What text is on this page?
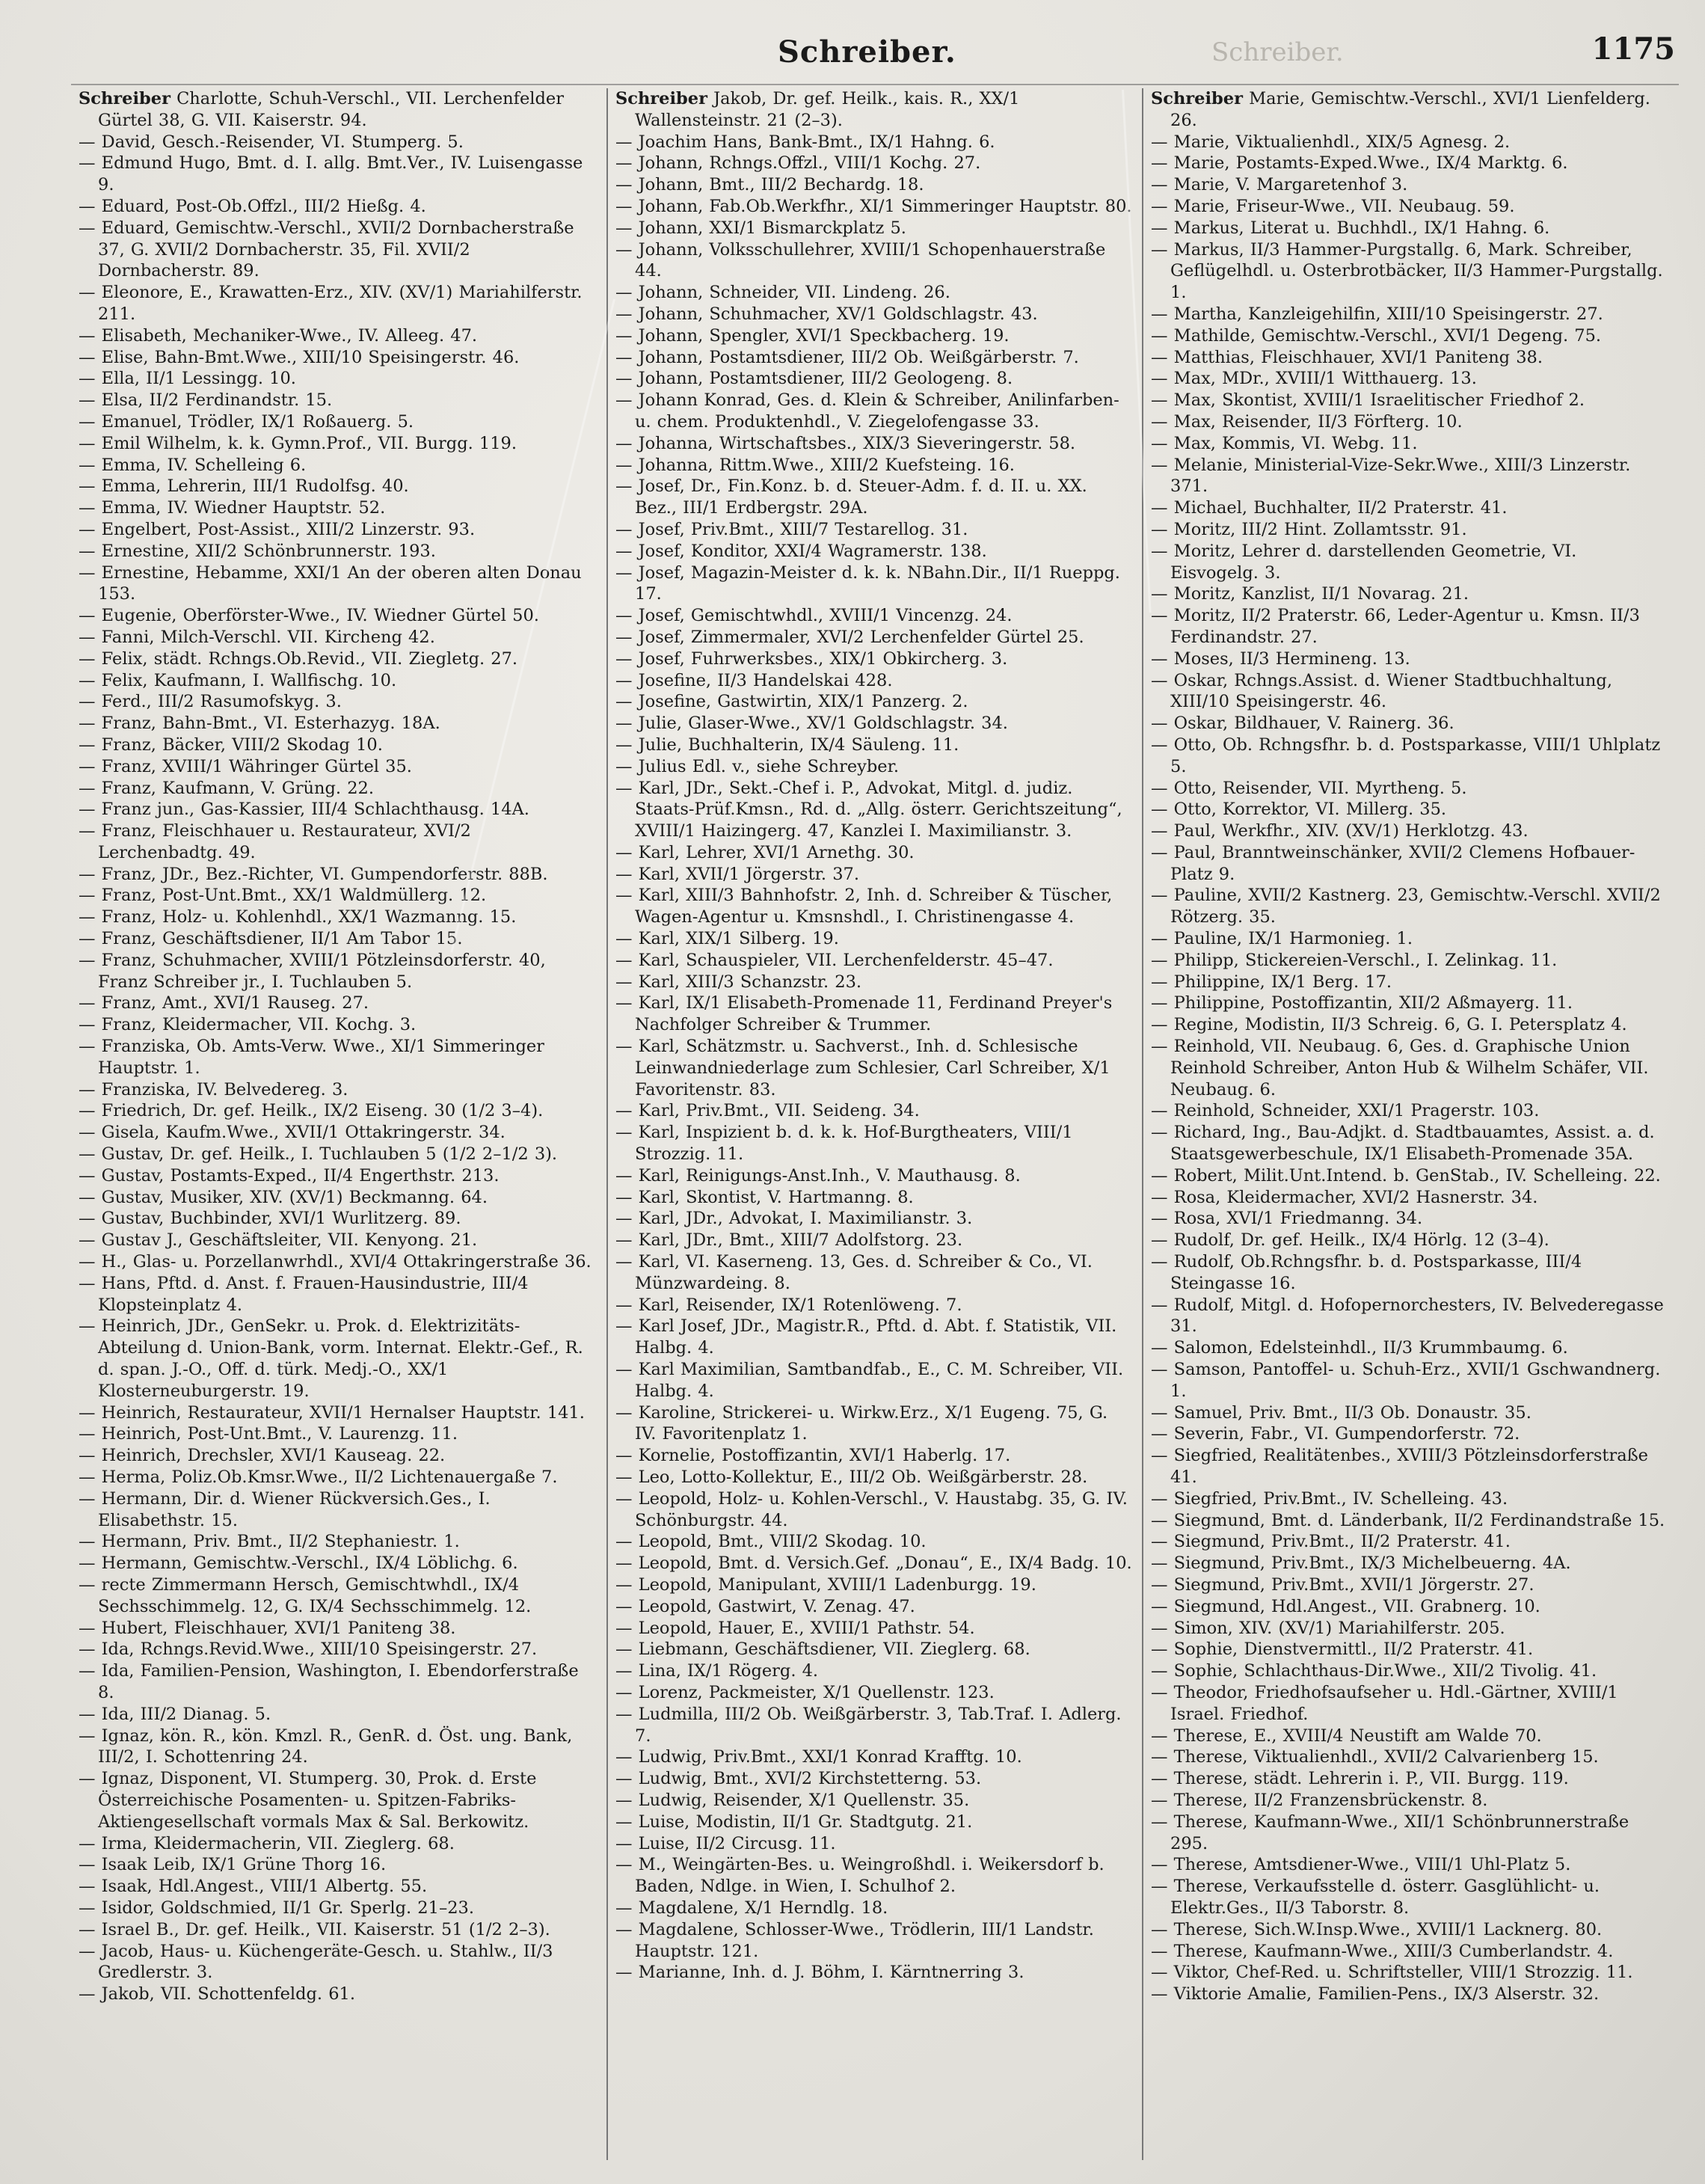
Schreiber.
Schreiber.	1175

Schreiber Charlotte, Schuh-Verschl., VII. Lerchenfelder Gürtel 38, G. VII. Kaiserstr. 94.

— David, Gesch.-Reisender, VI. Stumperg. 5.

— Edmund Hugo, Bmt. d. I. allg. Bmt.Ver., IV. Luisengasse 9.

— Eduard, Post-Ob.Offzl., III/2 Hießg. 4.

— Eduard, Gemischtw.-Verschl., XVII/2 Dornbacherstraße 37, G. XVII/2 Dornbacherstr. 35, Fil. XVII/2 Dornbacherstr. 89.

— Eleonore, E., Krawatten-Erz., XIV. (XV/1) Mariahilferstr. 211.

— Elisabeth, Mechaniker-Wwe., IV. Alleeg. 47.

— Elise, Bahn-Bmt.Wwe., XIII/10 Speisingerstr. 46.

— Ella, II/1 Lessingg. 10.

— Elsa, II/2 Ferdinandstr. 15.

— Emanuel, Trödler, IX/1 Roßauerg. 5.

— Emil Wilhelm, k. k. Gymn.Prof., VII. Burgg. 119.

— Emma, IV. Schelleing 6.

— Emma, Lehrerin, III/1 Rudolfsg. 40.

— Emma, IV. Wiedner Hauptstr. 52.

— Engelbert, Post-Assist., XIII/2 Linzerstr. 93.

— Ernestine, XII/2 Schönbrunnerstr. 193.

— Ernestine, Hebamme, XXI/1 An der oberen alten Donau 153.

— Eugenie, Oberförster-Wwe., IV. Wiedner Gürtel 50.

— Fanni, Milch-Verschl. VII. Kircheng 42.

— Felix, städt. Rchngs.Ob.Revid., VII. Ziegletg. 27.

— Felix, Kaufmann, I. Wallfischg. 10.

— Ferd., III/2 Rasumofskyg. 3.

— Franz, Bahn-Bmt., VI. Esterhazyg. 18A.

— Franz, Bäcker, VIII/2 Skodag 10.

— Franz, XVIII/1 Währinger Gürtel 35.

— Franz, Kaufmann, V. Grüng. 22.

— Franz jun., Gas-Kassier, III/4 Schlachthausg. 14A.

— Franz, Fleischhauer u. Restaurateur, XVI/2 Lerchenbadtg. 49.

— Franz, JDr., Bez.-Richter, VI. Gumpendorferstr. 88B.

— Franz, Post-Unt.Bmt., XX/1 Waldmüllerg. 12.

— Franz, Holz- u. Kohlenhdl., XX/1 Wazmanng. 15.

— Franz, Geschäftsdiener, II/1 Am Tabor 15.

— Franz, Schuhmacher, XVIII/1 Pötzleinsdorferstr. 40, Franz Schreiber jr., I. Tuchlauben 5.

— Franz, Amt., XVI/1 Rauseg. 27.

— Franz, Kleidermacher, VII. Kochg. 3.

— Franziska, Ob. Amts-Verw. Wwe., XI/1 Simmeringer Hauptstr. 1.

— Franziska, IV. Belvedereg. 3.

— Friedrich, Dr. gef. Heilk., IX/2 Eiseng. 30 (1/2 3–4).

— Gisela, Kaufm.Wwe., XVII/1 Ottakringerstr. 34.

— Gustav, Dr. gef. Heilk., I. Tuchlauben 5 (1/2 2–1/2 3).

— Gustav, Postamts-Exped., II/4 Engerthstr. 213.

— Gustav, Musiker, XIV. (XV/1) Beckmanng. 64.

— Gustav, Buchbinder, XVI/1 Wurlitzerg. 89.

— Gustav J., Geschäftsleiter, VII. Kenyong. 21.

— H., Glas- u. Porzellanwrhdl., XVI/4 Ottakringerstraße 36.

— Hans, Pftd. d. Anst. f. Frauen-Hausindustrie, III/4 Klopsteinplatz 4.

— Heinrich, JDr., GenSekr. u. Prok. d. Elektrizitäts-Abteilung d. Union-Bank, vorm. Internat. Elektr.-Gef., R. d. span. J.-O., Off. d. türk. Medj.-O., XX/1 Klosterneuburgerstr. 19.

— Heinrich, Restaurateur, XVII/1 Hernalser Hauptstr. 141.

— Heinrich, Post-Unt.Bmt., V. Laurenzg. 11.

— Heinrich, Drechsler, XVI/1 Kauseag. 22.

— Herma, Poliz.Ob.Kmsr.Wwe., II/2 Lichtenauergaße 7.

— Hermann, Dir. d. Wiener Rückversich.Ges., I. Elisabethstr. 15.

— Hermann, Priv. Bmt., II/2 Stephaniestr. 1.

— Hermann, Gemischtw.-Verschl., IX/4 Löblichg. 6.

— recte Zimmermann Hersch, Gemischtwhdl., IX/4 Sechsschimmelg. 12, G. IX/4 Sechsschimmelg. 12.

— Hubert, Fleischhauer, XVI/1 Paniteng 38.

— Ida, Rchngs.Revid.Wwe., XIII/10 Speisingerstr. 27.

— Ida, Familien-Pension, Washington, I. Ebendorferstraße 8.

— Ida, III/2 Dianag. 5.

— Ignaz, kön. R., kön. Kmzl. R., GenR. d. Öst. ung. Bank, III/2, I. Schottenring 24.

— Ignaz, Disponent, VI. Stumperg. 30, Prok. d. Erste Österreichische Posamenten- u. Spitzen-Fabriks-Aktiengesellschaft vormals Max & Sal. Berkowitz.

— Irma, Kleidermacherin, VII. Zieglerg. 68.

— Isaak Leib, IX/1 Grüne Thorg 16.

— Isaak, Hdl.Angest., VIII/1 Albertg. 55.

— Isidor, Goldschmied, II/1 Gr. Sperlg. 21–23.

— Israel B., Dr. gef. Heilk., VII. Kaiserstr. 51 (1/2 2–3).

— Jacob, Haus- u. Küchengeräte-Gesch. u. Stahlw., II/3 Gredlerstr. 3.

— Jakob, VII. Schottenfeldg. 61.

Schreiber Jakob, Dr. gef. Heilk., kais. R., XX/1 Wallensteinstr. 21 (2–3).

— Joachim Hans, Bank-Bmt., IX/1 Hahng. 6.

— Johann, Rchngs.Offzl., VIII/1 Kochg. 27.

— Johann, Bmt., III/2 Bechardg. 18.

— Johann, Fab.Ob.Werkfhr., XI/1 Simmeringer Hauptstr. 80.

— Johann, XXI/1 Bismarckplatz 5.

— Johann, Volksschullehrer, XVIII/1 Schopenhauerstraße 44.

— Johann, Schneider, VII. Lindeng. 26.

— Johann, Schuhmacher, XV/1 Goldschlagstr. 43.

— Johann, Spengler, XVI/1 Speckbacherg. 19.

— Johann, Postamtsdiener, III/2 Ob. Weißgärberstr. 7.

— Johann, Postamtsdiener, III/2 Geologeng. 8.

— Johann Konrad, Ges. d. Klein & Schreiber, Anilinfarben- u. chem. Produktenhdl., V. Ziegelofengasse 33.

— Johanna, Wirtschaftsbes., XIX/3 Sieveringerstr. 58.

— Johanna, Rittm.Wwe., XIII/2 Kuefsteing. 16.

— Josef, Dr., Fin.Konz. b. d. Steuer-Adm. f. d. II. u. XX. Bez., III/1 Erdbergstr. 29A.

— Josef, Priv.Bmt., XIII/7 Testarellog. 31.

— Josef, Konditor, XXI/4 Wagramerstr. 138.

— Josef, Magazin-Meister d. k. k. NBahn.Dir., II/1 Rueppg. 17.

— Josef, Gemischtwhdl., XVIII/1 Vincenzg. 24.

— Josef, Zimmermaler, XVI/2 Lerchenfelder Gürtel 25.

— Josef, Fuhrwerksbes., XIX/1 Obkircherg. 3.

— Josefine, II/3 Handelskai 428.

— Josefine, Gastwirtin, XIX/1 Panzerg. 2.

— Julie, Glaser-Wwe., XV/1 Goldschlagstr. 34.

— Julie, Buchhalterin, IX/4 Säuleng. 11.

— Julius Edl. v., siehe Schreyber.

— Karl, JDr., Sekt.-Chef i. P., Advokat, Mitgl. d. judiz. Staats-Prüf.Kmsn., Rd. d. „Allg. österr. Gerichtszeitung“, XVIII/1 Haizingerg. 47, Kanzlei I. Maximilianstr. 3.

— Karl, Lehrer, XVI/1 Arnethg. 30.

— Karl, XVII/1 Jörgerstr. 37.

— Karl, XIII/3 Bahnhofstr. 2, Inh. d. Schreiber & Tüscher, Wagen-Agentur u. Kmsnshdl., I. Christinengasse 4.

— Karl, XIX/1 Silberg. 19.

— Karl, Schauspieler, VII. Lerchenfelderstr. 45–47.

— Karl, XIII/3 Schanzstr. 23.

— Karl, IX/1 Elisabeth-Promenade 11, Ferdinand Preyer's Nachfolger Schreiber & Trummer.

— Karl, Schätzmstr. u. Sachverst., Inh. d. Schlesische Leinwandniederlage zum Schlesier, Carl Schreiber, X/1 Favoritenstr. 83.

— Karl, Priv.Bmt., VII. Seideng. 34.

— Karl, Inspizient b. d. k. k. Hof-Burgtheaters, VIII/1 Strozzig. 11.

— Karl, Reinigungs-Anst.Inh., V. Mauthausg. 8.

— Karl, Skontist, V. Hartmanng. 8.

— Karl, JDr., Advokat, I. Maximilianstr. 3.

— Karl, JDr., Bmt., XIII/7 Adolfstorg. 23.

— Karl, VI. Kaserneng. 13, Ges. d. Schreiber & Co., VI. Münzwardeing. 8.

— Karl, Reisender, IX/1 Rotenlöweng. 7.

— Karl Josef, JDr., Magistr.R., Pftd. d. Abt. f. Statistik, VII. Halbg. 4.

— Karl Maximilian, Samtbandfab., E., C. M. Schreiber, VII. Halbg. 4.

— Karoline, Strickerei- u. Wirkw.Erz., X/1 Eugeng. 75, G. IV. Favoritenplatz 1.

— Kornelie, Postoffizantin, XVI/1 Haberlg. 17.

— Leo, Lotto-Kollektur, E., III/2 Ob. Weißgärberstr. 28.

— Leopold, Holz- u. Kohlen-Verschl., V. Haustabg. 35, G. IV. Schönburgstr. 44.

— Leopold, Bmt., VIII/2 Skodag. 10.

— Leopold, Bmt. d. Versich.Gef. „Donau“, E., IX/4 Badg. 10.

— Leopold, Manipulant, XVIII/1 Ladenburgg. 19.

— Leopold, Gastwirt, V. Zenag. 47.

— Leopold, Hauer, E., XVIII/1 Pathstr. 54.

— Liebmann, Geschäftsdiener, VII. Zieglerg. 68.

— Lina, IX/1 Rögerg. 4.

— Lorenz, Packmeister, X/1 Quellenstr. 123.

— Ludmilla, III/2 Ob. Weißgärberstr. 3, Tab.Traf. I. Adlerg. 7.

— Ludwig, Priv.Bmt., XXI/1 Konrad Krafftg. 10.

— Ludwig, Bmt., XVI/2 Kirchstetterng. 53.

— Ludwig, Reisender, X/1 Quellenstr. 35.

— Luise, Modistin, II/1 Gr. Stadtgutg. 21.

— Luise, II/2 Circusg. 11.

— M., Weingärten-Bes. u. Weingroßhdl. i. Weikersdorf b. Baden, Ndlge. in Wien, I. Schulhof 2.

— Magdalene, X/1 Herndlg. 18.

— Magdalene, Schlosser-Wwe., Trödlerin, III/1 Landstr. Hauptstr. 121.

— Marianne, Inh. d. J. Böhm, I. Kärntnerring 3.

Schreiber Marie, Gemischtw.-Verschl., XVI/1 Lienfelderg. 26.

— Marie, Viktualienhdl., XIX/5 Agnesg. 2.

— Marie, Postamts-Exped.Wwe., IX/4 Marktg. 6.

— Marie, V. Margaretenhof 3.

— Marie, Friseur-Wwe., VII. Neubaug. 59.

— Markus, Literat u. Buchhdl., IX/1 Hahng. 6.

— Markus, II/3 Hammer-Purgstallg. 6, Mark. Schreiber, Geflügelhdl. u. Osterbrotbäcker, II/3 Hammer-Purgstallg. 1.

— Martha, Kanzleigehilfin, XIII/10 Speisingerstr. 27.

— Mathilde, Gemischtw.-Verschl., XVI/1 Degeng. 75.

— Matthias, Fleischhauer, XVI/1 Paniteng 38.

— Max, MDr., XVIII/1 Witthauerg. 13.

— Max, Skontist, XVIII/1 Israelitischer Friedhof 2.

— Max, Reisender, II/3 Förfterg. 10.

— Max, Kommis, VI. Webg. 11.

— Melanie, Ministerial-Vize-Sekr.Wwe., XIII/3 Linzerstr. 371.

— Michael, Buchhalter, II/2 Praterstr. 41.

— Moritz, III/2 Hint. Zollamtsstr. 91.

— Moritz, Lehrer d. darstellenden Geometrie, VI. Eisvogelg. 3.

— Moritz, Kanzlist, II/1 Novarag. 21.

— Moritz, II/2 Praterstr. 66, Leder-Agentur u. Kmsn. II/3 Ferdinandstr. 27.

— Moses, II/3 Hermineng. 13.

— Oskar, Rchngs.Assist. d. Wiener Stadtbuchhaltung, XIII/10 Speisingerstr. 46.

— Oskar, Bildhauer, V. Rainerg. 36.

— Otto, Ob. Rchngsfhr. b. d. Postsparkasse, VIII/1 Uhlplatz 5.

— Otto, Reisender, VII. Myrtheng. 5.

— Otto, Korrektor, VI. Millerg. 35.

— Paul, Werkfhr., XIV. (XV/1) Herklotzg. 43.

— Paul, Branntweinschänker, XVII/2 Clemens Hofbauer-Platz 9.

— Pauline, XVII/2 Kastnerg. 23, Gemischtw.-Verschl. XVII/2 Rötzerg. 35.

— Pauline, IX/1 Harmonieg. 1.

— Philipp, Stickereien-Verschl., I. Zelinkag. 11.

— Philippine, IX/1 Berg. 17.

— Philippine, Postoffizantin, XII/2 Aßmayerg. 11.

— Regine, Modistin, II/3 Schreig. 6, G. I. Petersplatz 4.

— Reinhold, VII. Neubaug. 6, Ges. d. Graphische Union Reinhold Schreiber, Anton Hub & Wilhelm Schäfer, VII. Neubaug. 6.

— Reinhold, Schneider, XXI/1 Pragerstr. 103.

— Richard, Ing., Bau-Adjkt. d. Stadtbauamtes, Assist. a. d. Staatsgewerbeschule, IX/1 Elisabeth-Promenade 35A.

— Robert, Milit.Unt.Intend. b. GenStab., IV. Schelleing. 22.

— Rosa, Kleidermacher, XVI/2 Hasnerstr. 34.

— Rosa, XVI/1 Friedmanng. 34.

— Rudolf, Dr. gef. Heilk., IX/4 Hörlg. 12 (3–4).

— Rudolf, Ob.Rchngsfhr. b. d. Postsparkasse, III/4 Steingasse 16.

— Rudolf, Mitgl. d. Hofopernorchesters, IV. Belvederegasse 31.

— Salomon, Edelsteinhdl., II/3 Krummbaumg. 6.

— Samson, Pantoffel- u. Schuh-Erz., XVII/1 Gschwandnerg. 1.

— Samuel, Priv. Bmt., II/3 Ob. Donaustr. 35.

— Severin, Fabr., VI. Gumpendorferstr. 72.

— Siegfried, Realitätenbes., XVIII/3 Pötzleinsdorferstraße 41.

— Siegfried, Priv.Bmt., IV. Schelleing. 43.

— Siegmund, Bmt. d. Länderbank, II/2 Ferdinandstraße 15.

— Siegmund, Priv.Bmt., II/2 Praterstr. 41.

— Siegmund, Priv.Bmt., IX/3 Michelbeuerng. 4A.

— Siegmund, Priv.Bmt., XVII/1 Jörgerstr. 27.

— Siegmund, Hdl.Angest., VII. Grabnerg. 10.

— Simon, XIV. (XV/1) Mariahilferstr. 205.

— Sophie, Dienstvermittl., II/2 Praterstr. 41.

— Sophie, Schlachthaus-Dir.Wwe., XII/2 Tivolig. 41.

— Theodor, Friedhofsaufseher u. Hdl.-Gärtner, XVIII/1 Israel. Friedhof.

— Therese, E., XVIII/4 Neustift am Walde 70.

— Therese, Viktualienhdl., XVII/2 Calvarienberg 15.

— Therese, städt. Lehrerin i. P., VII. Burgg. 119.

— Therese, II/2 Franzensbrückenstr. 8.

— Therese, Kaufmann-Wwe., XII/1 Schönbrunnerstraße 295.

— Therese, Amtsdiener-Wwe., VIII/1 Uhl-Platz 5.

— Therese, Verkaufsstelle d. österr. Gasglühlicht- u. Elektr.Ges., II/3 Taborstr. 8.

— Therese, Sich.W.Insp.Wwe., XVIII/1 Lacknerg. 80.

— Therese, Kaufmann-Wwe., XIII/3 Cumberlandstr. 4.

— Viktor, Chef-Red. u. Schriftsteller, VIII/1 Strozzig. 11.

— Viktorie Amalie, Familien-Pens., IX/3 Alserstr. 32.
